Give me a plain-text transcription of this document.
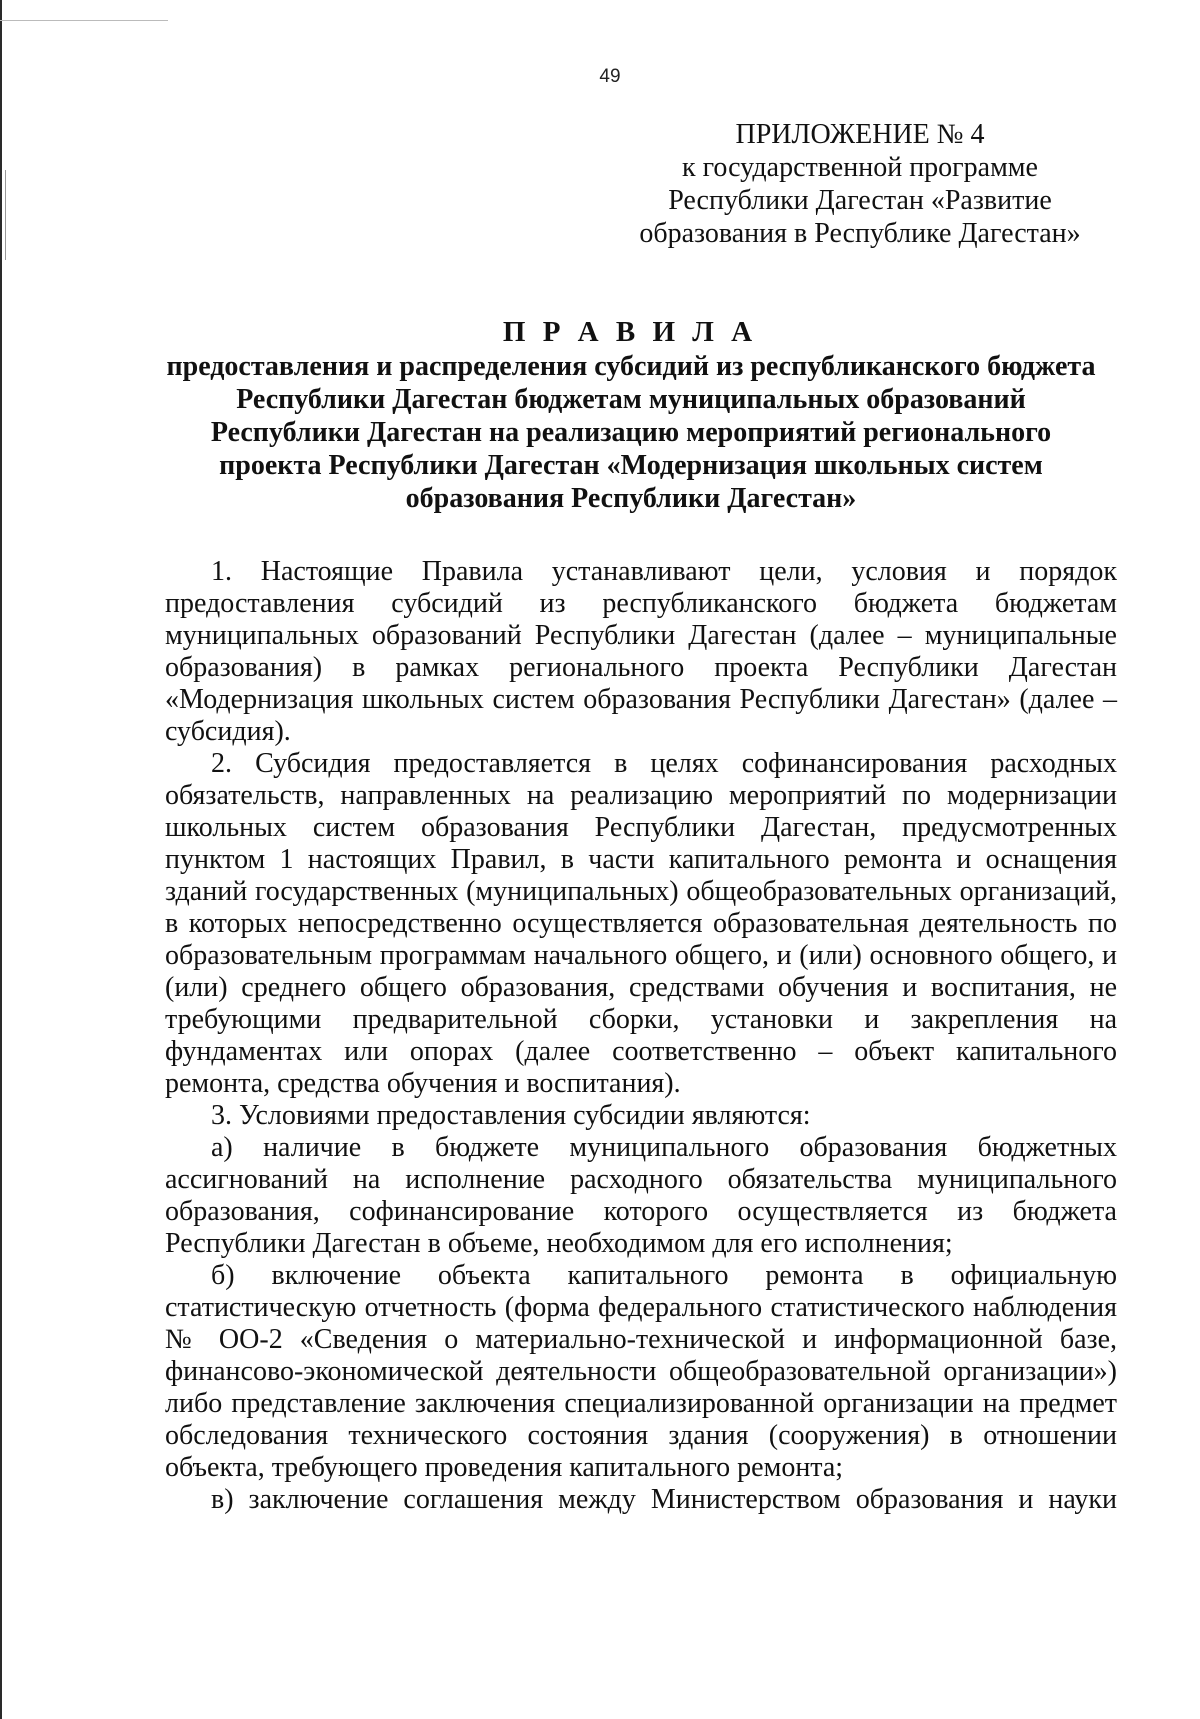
49
ПРИЛОЖЕНИЕ № 4
к государственной программе
Республики Дагестан «Развитие
образования в Республике Дагестан»
П Р А В И Л А
предоставления и распределения субсидий из республиканского бюджета
Республики Дагестан бюджетам муниципальных образований
Республики Дагестан на реализацию мероприятий регионального
проекта Республики Дагестан «Модернизация школьных систем
образования Республики Дагестан»

1. Настоящие Правила устанавливают цели, условия и порядок предоставления субсидий из республиканского бюджета бюджетам муниципальных образований Республики Дагестан (далее – муниципальные образования) в рамках регионального проекта Республики Дагестан «Модернизация школьных систем образования Республики Дагестан» (далее – субсидия).

2. Субсидия предоставляется в целях софинансирования расходных обязательств, направленных на реализацию мероприятий по модернизации школьных систем образования Республики Дагестан, предусмотренных пунктом 1 настоящих Правил, в части капитального ремонта и оснащения зданий государственных (муниципальных) общеобразовательных организаций, в которых непосредственно осуществляется образовательная деятельность по образовательным программам начального общего, и (или) основного общего, и (или) среднего общего образования, средствами обучения и воспитания, не требующими предварительной сборки, установки и закрепления на фундаментах или опорах (далее соответственно – объект капитального ремонта, средства обучения и воспитания).

3. Условиями предоставления субсидии являются:

а) наличие в бюджете муниципального образования бюджетных ассигнований на исполнение расходного обязательства муниципального образования, софинансирование которого осуществляется из бюджета Республики Дагестан в объеме, необходимом для его исполнения;

б) включение объекта капитального ремонта в официальную статистическую отчетность (форма федерального статистического наблюдения № ОО-2 «Сведения о материально-технической и информационной базе, финансово-экономической деятельности общеобразовательной организации») либо представление заключения специализированной организации на предмет обследования технического состояния здания (сооружения) в отношении объекта, требующего проведения капитального ремонта;

в) заключение соглашения между Министерством образования и науки
